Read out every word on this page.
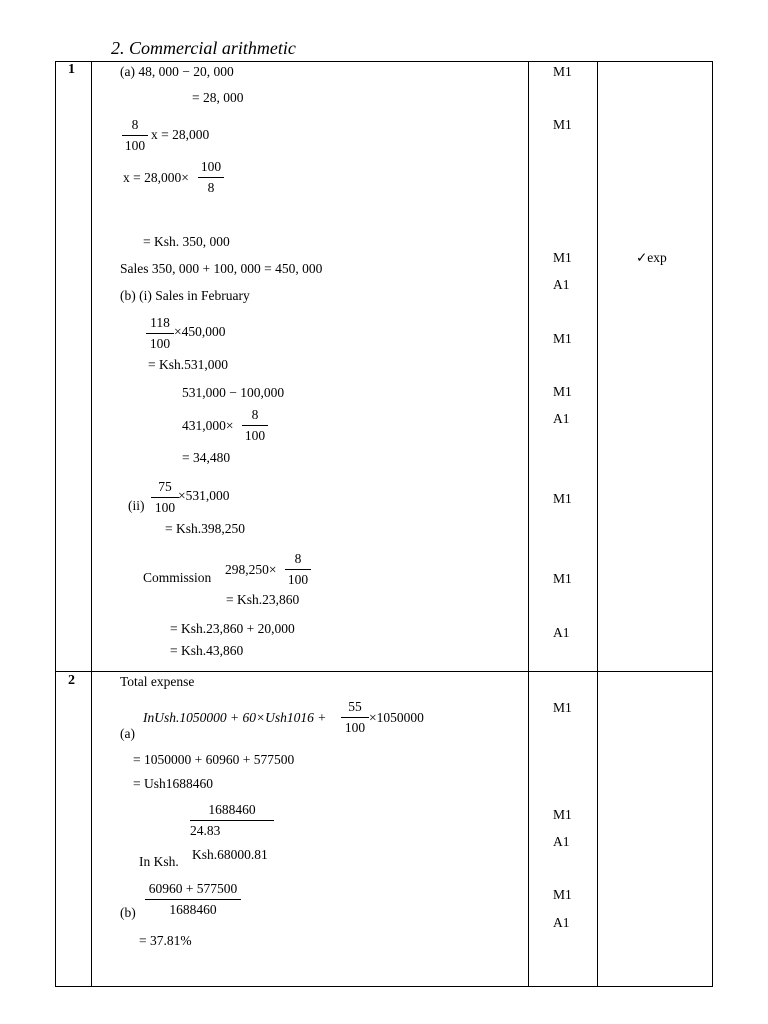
2. Commercial arithmetic
1	(a) 48, 000 − 20, 000
= 28, 000
8
100
x = 28,000
x = 28,000×
100
8
= Ksh. 350, 000
Sales 350, 000 + 100, 000 = 450, 000
(b) (i) Sales in February
118
100
×450,000
= Ksh.531,000
531,000 − 100,000
431,000×
8
100
= 34,480
(ii)
75
100
×531,000
= Ksh.398,250
Commission
298,250×
8
100
= Ksh.23,860
= Ksh.23,860 + 20,000
= Ksh.43,860
M1
M1
M1
A1
M1
M1
A1
M1
M1
A1
✓exp
2	Total expense
(a)
InUsh.1050000 + 60×Ush1016 +
55
100
×1050000
= 1050000 + 60960 + 577500
= Ush1688460
1688460
24.83
In Ksh. Ksh.68000.81
(b)
60960 + 577500
1688460
= 37.81%
M1
M1
A1
M1
A1
